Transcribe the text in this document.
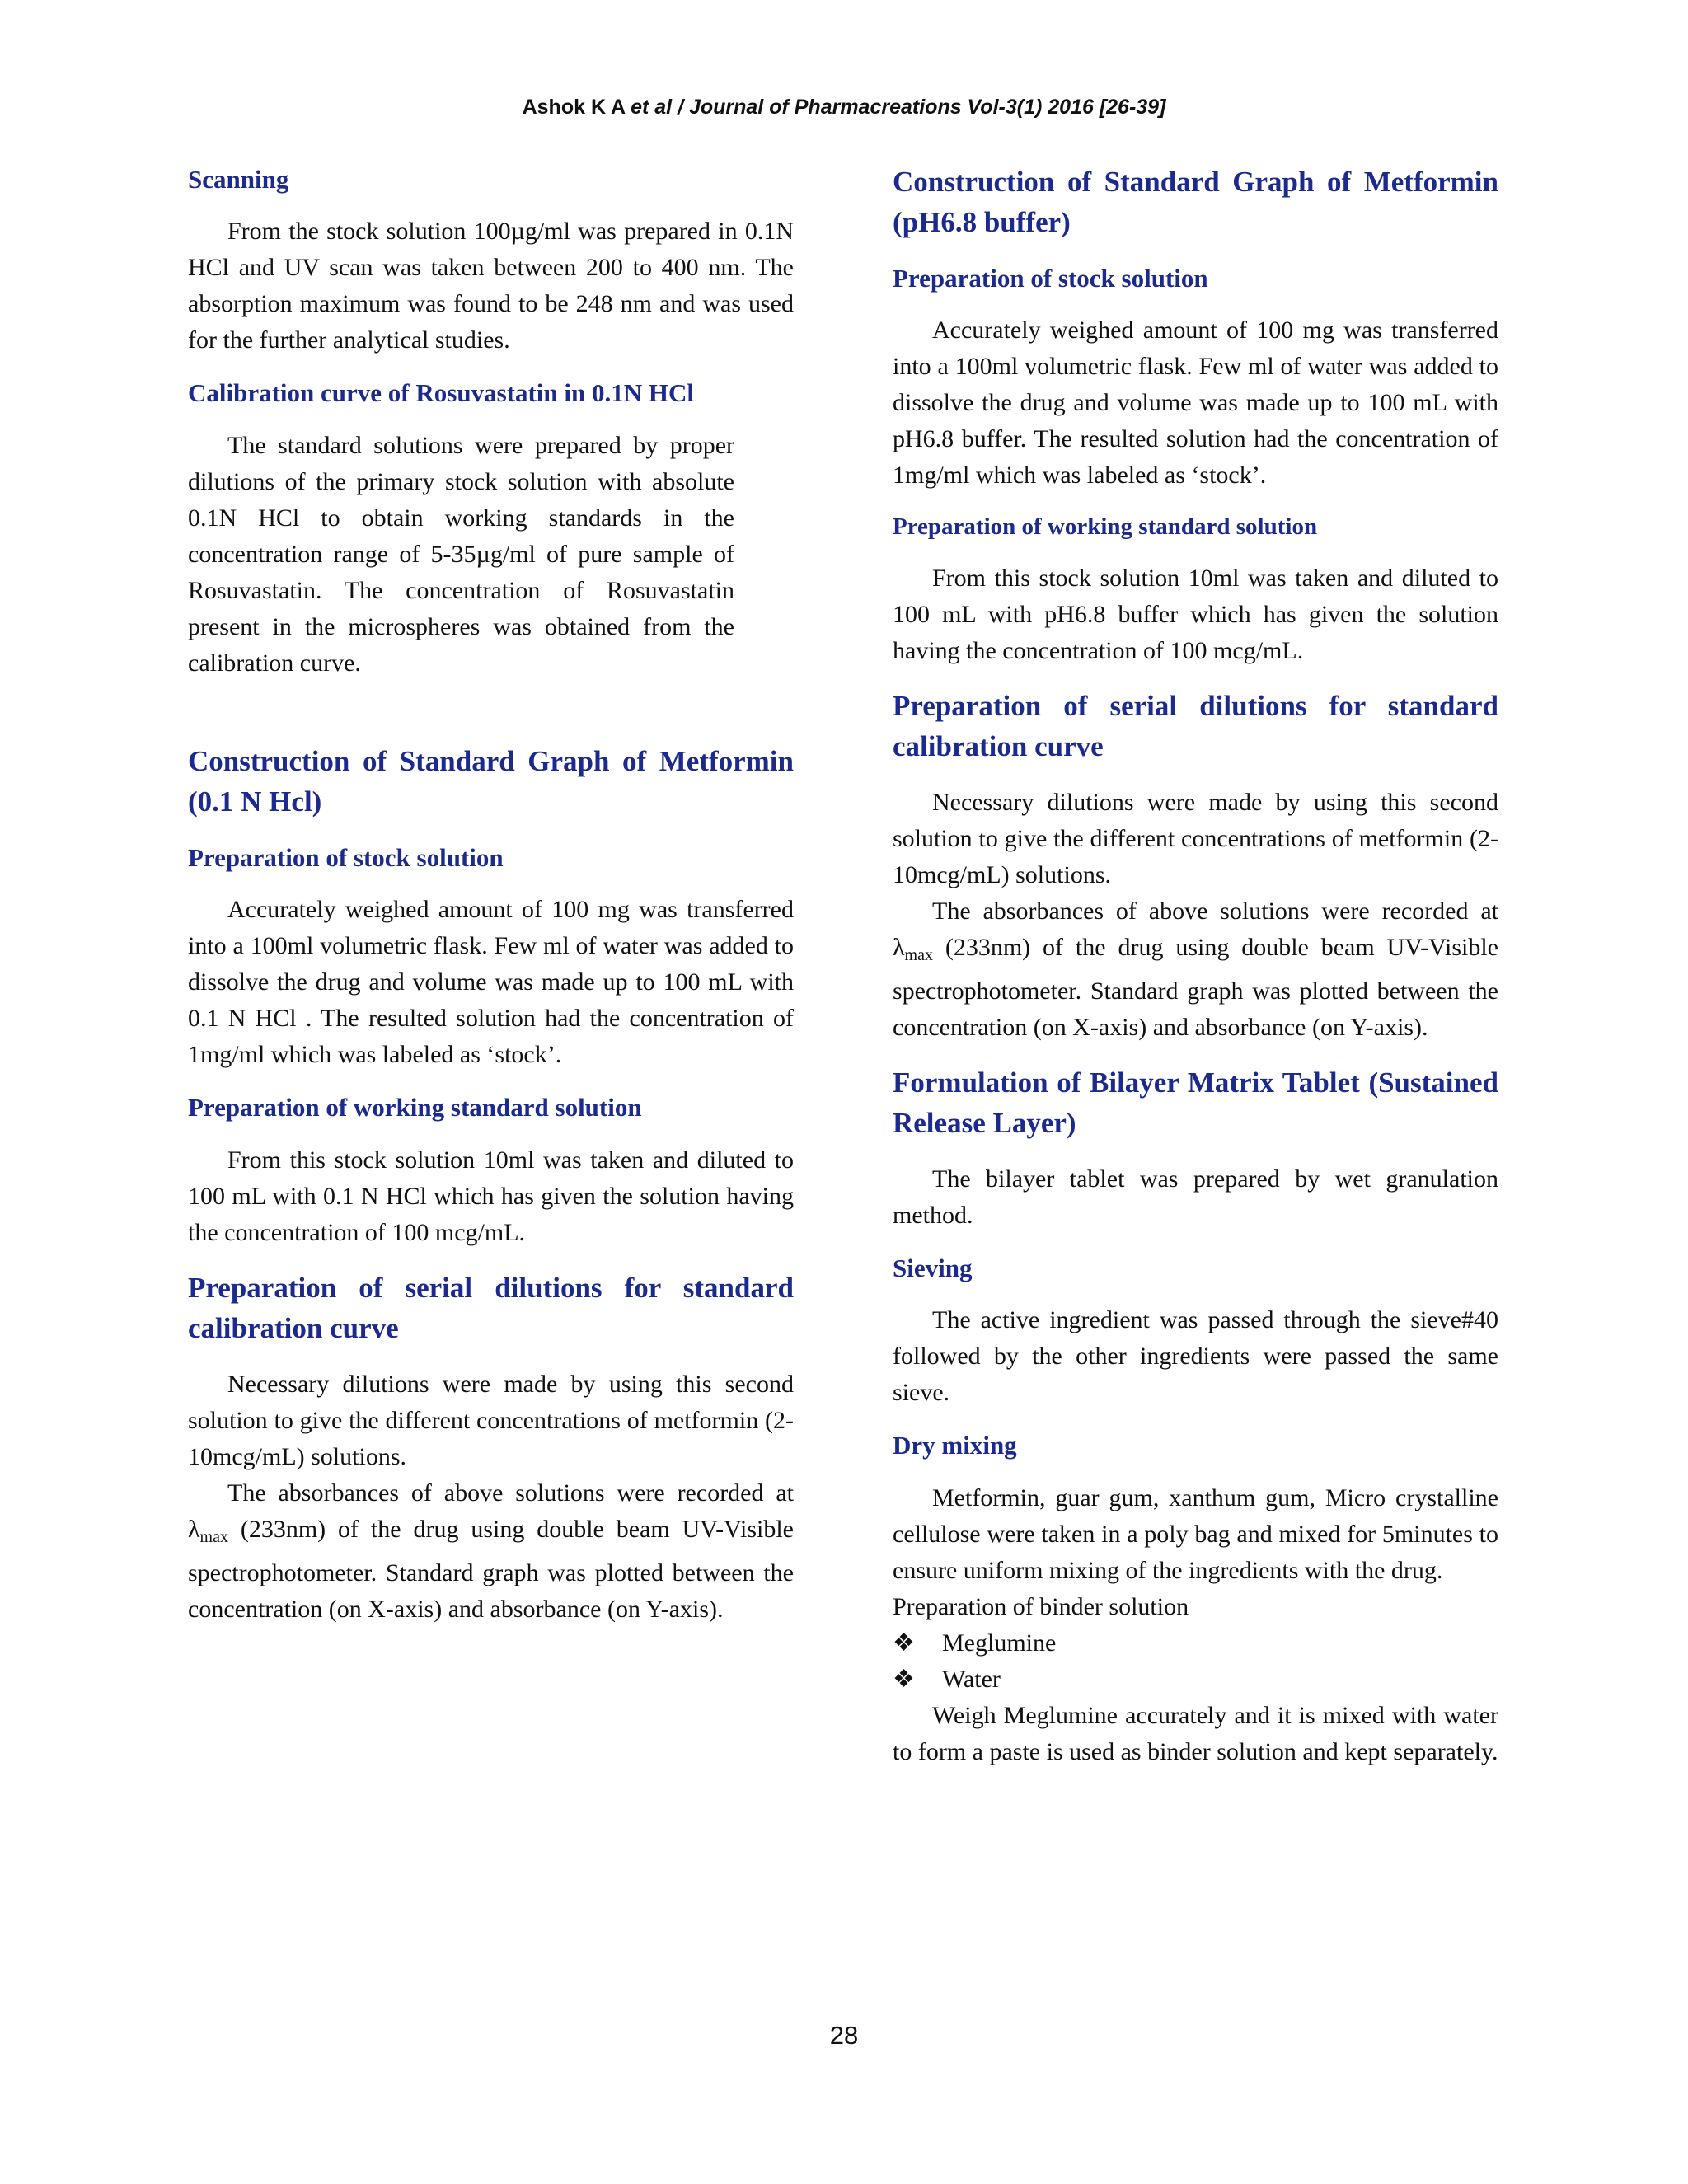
Ashok K A et al / Journal of Pharmacreations Vol-3(1) 2016 [26-39]
Scanning

From the stock solution 100µg/ml was prepared in 0.1N HCl and UV scan was taken between 200 to 400 nm. The absorption maximum was found to be 248 nm and was used for the further analytical studies.

Calibration curve of Rosuvastatin in 0.1N HCl

The standard solutions were prepared by proper dilutions of the primary stock solution with absolute 0.1N HCl to obtain working standards in the concentration range of 5-35µg/ml of pure sample of Rosuvastatin. The concentration of Rosuvastatin present in the microspheres was obtained from the calibration curve.

Construction of Standard Graph of Metformin (0.1 N Hcl)
Preparation of stock solution

Accurately weighed amount of 100 mg was transferred into a 100ml volumetric flask. Few ml of water was added to dissolve the drug and volume was made up to 100 mL with 0.1 N HCl . The resulted solution had the concentration of 1mg/ml which was labeled as ‘stock’.

Preparation of working standard solution

From this stock solution 10ml was taken and diluted to 100 mL with 0.1 N HCl which has given the solution having the concentration of 100 mcg/mL.

Preparation of serial dilutions for standard calibration curve

Necessary dilutions were made by using this second solution to give the different concentrations of metformin (2-10mcg/mL) solutions.

The absorbances of above solutions were recorded at $\lambda_{max}$ (233nm) of the drug using double beam UV-Visible spectrophotometer. Standard graph was plotted between the concentration (on X-axis) and absorbance (on Y-axis).

Construction of Standard Graph of Metformin (pH6.8 buffer)
Preparation of stock solution

Accurately weighed amount of 100 mg was transferred into a 100ml volumetric flask. Few ml of water was added to dissolve the drug and volume was made up to 100 mL with pH6.8 buffer. The resulted solution had the concentration of 1mg/ml which was labeled as ‘stock’.

Preparation of working standard solution

From this stock solution 10ml was taken and diluted to 100 mL with pH6.8 buffer which has given the solution having the concentration of 100 mcg/mL.

Preparation of serial dilutions for standard calibration curve

Necessary dilutions were made by using this second solution to give the different concentrations of metformin (2-10mcg/mL) solutions.

The absorbances of above solutions were recorded at $\lambda_{max}$ (233nm) of the drug using double beam UV-Visible spectrophotometer. Standard graph was plotted between the concentration (on X-axis) and absorbance (on Y-axis).

Formulation of Bilayer Matrix Tablet (Sustained Release Layer)

The bilayer tablet was prepared by wet granulation method.

Sieving

The active ingredient was passed through the sieve#40 followed by the other ingredients were passed the same sieve.

Dry mixing

Metformin, guar gum, xanthum gum, Micro crystalline cellulose were taken in a poly bag and mixed for 5minutes to ensure uniform mixing of the ingredients with the drug.

Preparation of binder solution

❖	Meglumine
❖	Water

Weigh Meglumine accurately and it is mixed with water to form a paste is used as binder solution and kept separately.

28
